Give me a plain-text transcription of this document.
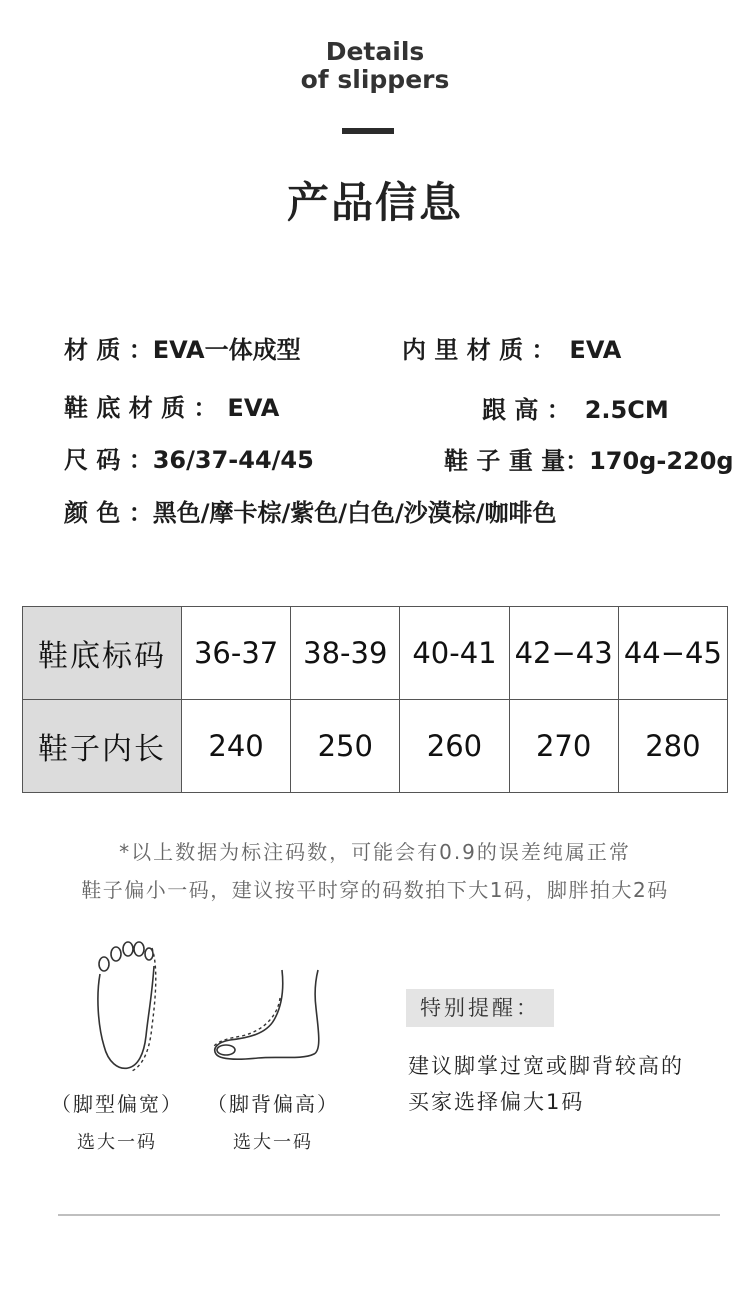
Details
of slippers
产品信息
材 质 ：EVA一体成型	内 里 材 质 ： EVA
鞋 底 材 质 ： EVA	跟 高 ： 2.5CM
尺 码 ：36/37-44/45	鞋 子 重 量：170g-220g
颜 色 ：黑色/摩卡棕/紫色/白色/沙漠棕/咖啡色
鞋底标码	36-37	38-39	40-41	42−43	44−45
鞋子内长	240	250	260	270	280
*以上数据为标注码数，可能会有0.9的误差纯属正常
鞋子偏小一码，建议按平时穿的码数拍下大1码，脚胖拍大2码
（脚型偏宽）
选大一码
（脚背偏高）
选大一码
特别提醒：
建议脚掌过宽或脚背较高的
买家选择偏大1码
